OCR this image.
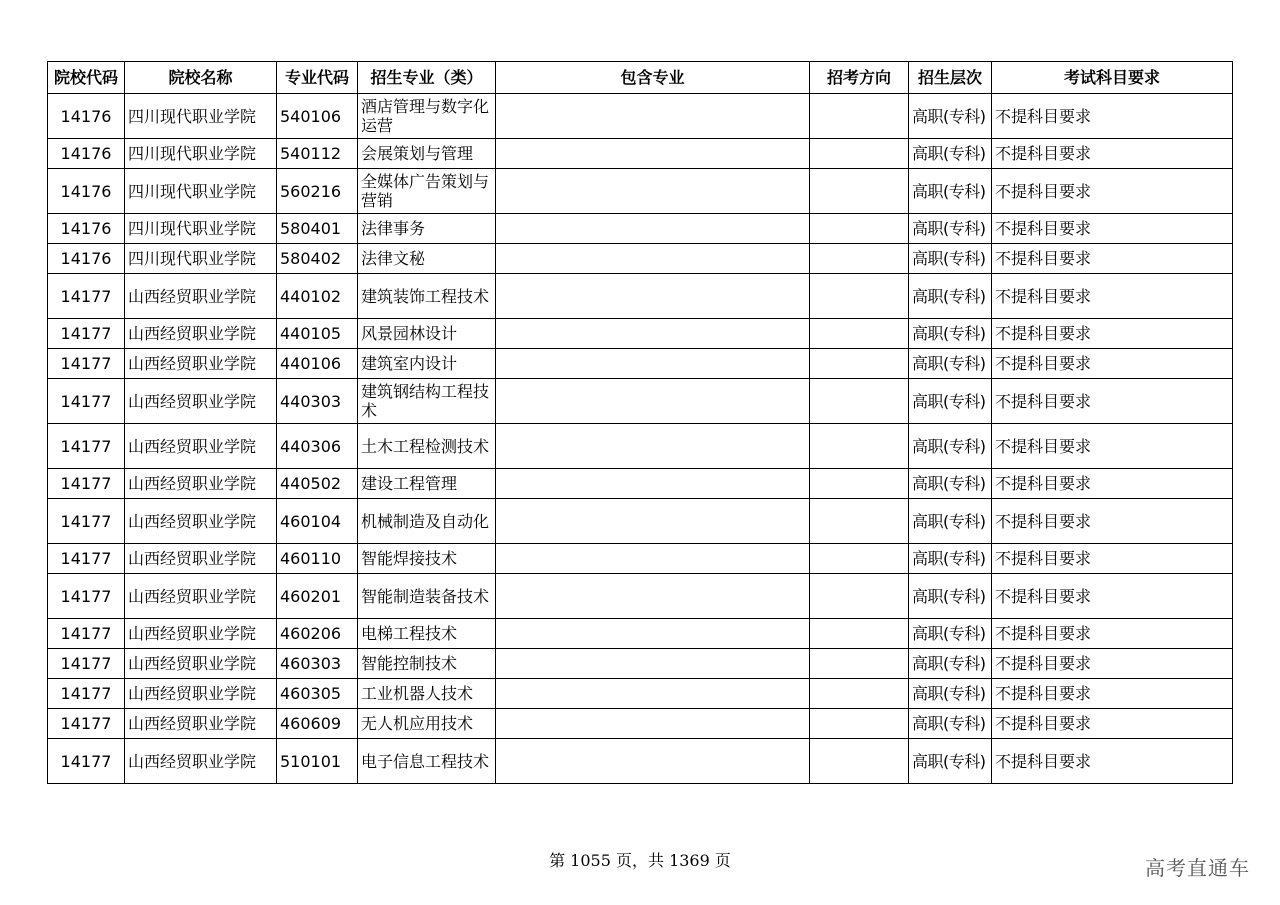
院校代码	院校名称	专业代码	招生专业（类）	包含专业	招考方向	招生层次	考试科目要求
14176	四川现代职业学院	540106	酒店管理与数字化运营			高职(专科)	不提科目要求
14176	四川现代职业学院	540112	会展策划与管理			高职(专科)	不提科目要求
14176	四川现代职业学院	560216	全媒体广告策划与营销			高职(专科)	不提科目要求
14176	四川现代职业学院	580401	法律事务			高职(专科)	不提科目要求
14176	四川现代职业学院	580402	法律文秘			高职(专科)	不提科目要求
14177	山西经贸职业学院	440102	建筑装饰工程技术			高职(专科)	不提科目要求
14177	山西经贸职业学院	440105	风景园林设计			高职(专科)	不提科目要求
14177	山西经贸职业学院	440106	建筑室内设计			高职(专科)	不提科目要求
14177	山西经贸职业学院	440303	建筑钢结构工程技术			高职(专科)	不提科目要求
14177	山西经贸职业学院	440306	土木工程检测技术			高职(专科)	不提科目要求
14177	山西经贸职业学院	440502	建设工程管理			高职(专科)	不提科目要求
14177	山西经贸职业学院	460104	机械制造及自动化			高职(专科)	不提科目要求
14177	山西经贸职业学院	460110	智能焊接技术			高职(专科)	不提科目要求
14177	山西经贸职业学院	460201	智能制造装备技术			高职(专科)	不提科目要求
14177	山西经贸职业学院	460206	电梯工程技术			高职(专科)	不提科目要求
14177	山西经贸职业学院	460303	智能控制技术			高职(专科)	不提科目要求
14177	山西经贸职业学院	460305	工业机器人技术			高职(专科)	不提科目要求
14177	山西经贸职业学院	460609	无人机应用技术			高职(专科)	不提科目要求
14177	山西经贸职业学院	510101	电子信息工程技术			高职(专科)	不提科目要求
第 1055 页，共 1369 页	高考直通车
